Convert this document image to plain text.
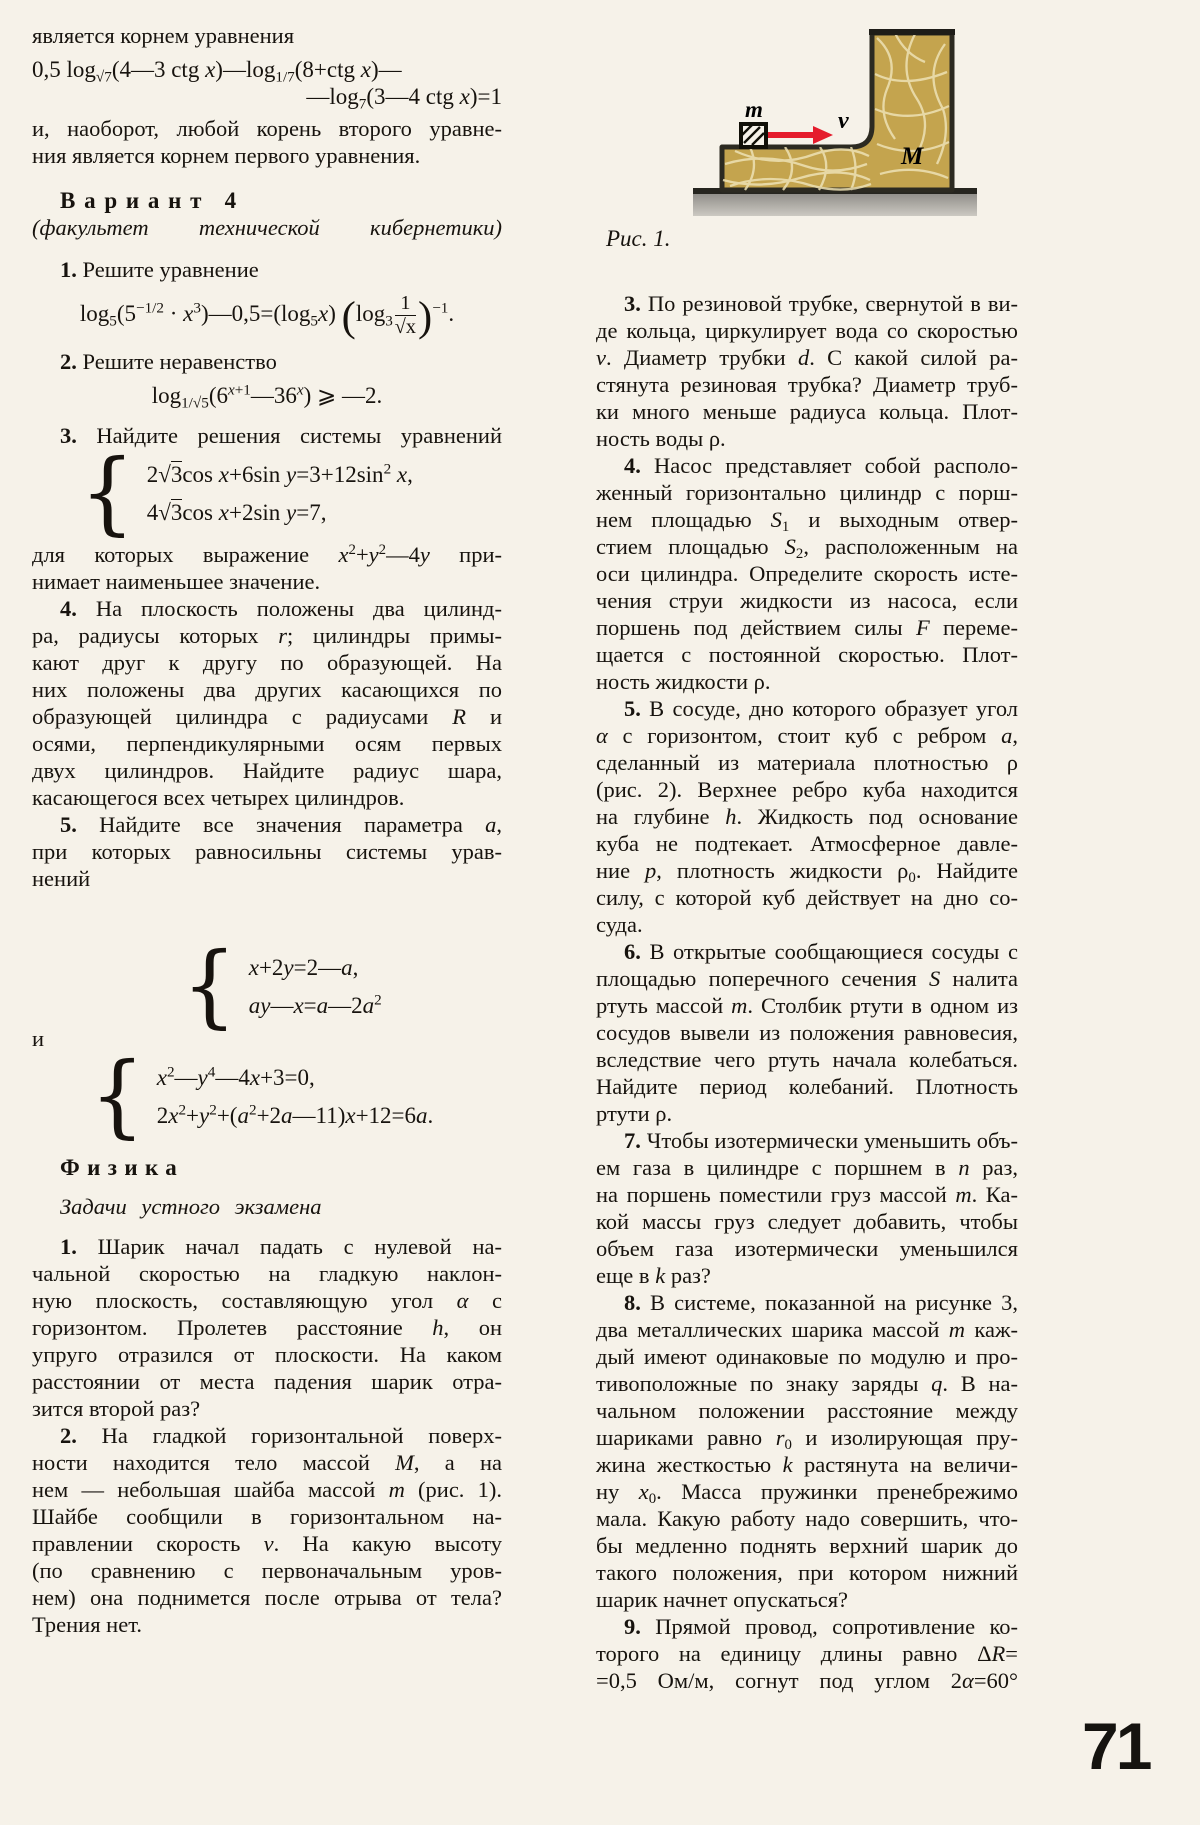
m	v
M
Рис. 1.
является корнем уравнения
0,5 $\log_{√7}(4—3$ ctg $x)—\log_{1/7}(8+ctg$ x)—
$—\log_7(3—4$ ctg x)=1
и, наоборот, любой корень второго уравне-
ния является корнем первого уравнения.
Вариант 4
(факультет технической кибернетики)
1. Решите уравнение
$\log_5(5^{-1/2}$ · $x^3)—0,5=(\log_5x)$ $(\log_3 \frac{1}{√x} )^{-1}$.
2. Решите неравенство
$\log_{1/√5}(6^{x+1}—36^x)$ ⩾ —2.
3. Найдите решения системы уравнений
{ 2√3cos x+6sin $y=3+12\sin^2$ x,
4√3cos x+2sin y=7,
для которых выражение $x^2+y^2—4y$ при-
нимает наименьшее значение.
4. На плоскость положены два цилинд-
ра, радиусы которых r; цилиндры примы-
кают друг к другу по образующей. На
них положены два других касающихся по
образующей цилиндра с радиусами R и
осями, перпендикулярными осям первых
двух цилиндров. Найдите радиус шара,
касающегося всех четырех цилиндров.
5. Найдите все значения параметра a,
при которых равносильны системы урав-
нений
{ x+2y=2—a,
$ay—x=a—2a^2$
и
{ $x^2—y^4—4x+3=0$,
$2x^2+y^2+(a^2+2a—11)x+12=6a$.
Физика
Задачи устного экзамена
1. Шарик начал падать с нулевой на-
чальной скоростью на гладкую наклон-
ную плоскость, составляющую угол α с
горизонтом. Пролетев расстояние h, он
упруго отразился от плоскости. На каком
расстоянии от места падения шарик отра-
зится второй раз?
2. На гладкой горизонтальной поверх-
ности находится тело массой M, а на
нем — небольшая шайба массой m (рис. 1).
Шайбе сообщили в горизонтальном на-
правлении скорость v. На какую высоту
(по сравнению с первоначальным уров-
нем) она поднимется после отрыва от тела?
Трения нет.
3. По резиновой трубке, свернутой в ви-
де кольца, циркулирует вода со скоростью
v. Диаметр трубки d. С какой силой ра-
стянута резиновая трубка? Диаметр труб-
ки много меньше радиуса кольца. Плот-
ность воды ρ.
4. Насос представляет собой располо-
женный горизонтально цилиндр с порш-
нем площадью $S_1$ и выходным отвер-
стием площадью $S_2$, расположенным на
оси цилиндра. Определите скорость исте-
чения струи жидкости из насоса, если
поршень под действием силы F переме-
щается с постоянной скоростью. Плот-
ность жидкости ρ.
5. В сосуде, дно которого образует угол
α с горизонтом, стоит куб с ребром a,
сделанный из материала плотностью ρ
(рис. 2). Верхнее ребро куба находится
на глубине h. Жидкость под основание
куба не подтекает. Атмосферное давле-
ние p, плотность жидкости $\rho_0$. Найдите
силу, с которой куб действует на дно со-
суда.
6. В открытые сообщающиеся сосуды с
площадью поперечного сечения S налита
ртуть массой m. Столбик ртути в одном из
сосудов вывели из положения равновесия,
вследствие чего ртуть начала колебаться.
Найдите период колебаний. Плотность
ртути ρ.
7. Чтобы изотермически уменьшить объ-
ем газа в цилиндре с поршнем в n раз,
на поршень поместили груз массой m. Ка-
кой массы груз следует добавить, чтобы
объем газа изотермически уменьшился
еще в k раз?
8. В системе, показанной на рисунке 3,
два металлических шарика массой m каж-
дый имеют одинаковые по модулю и про-
тивоположные по знаку заряды q. В на-
чальном положении расстояние между
шариками равно $r_0$ и изолирующая пру-
жина жесткостью k растянута на величи-
ну $x_0$. Масса пружинки пренебрежимо
мала. Какую работу надо совершить, что-
бы медленно поднять верхний шарик до
такого положения, при котором нижний
шарик начнет опускаться?
9. Прямой провод, сопротивление ко-
торого на единицу длины равно ΔR=
=0,5 Ом/м, согнут под углом 2α=60°
71
